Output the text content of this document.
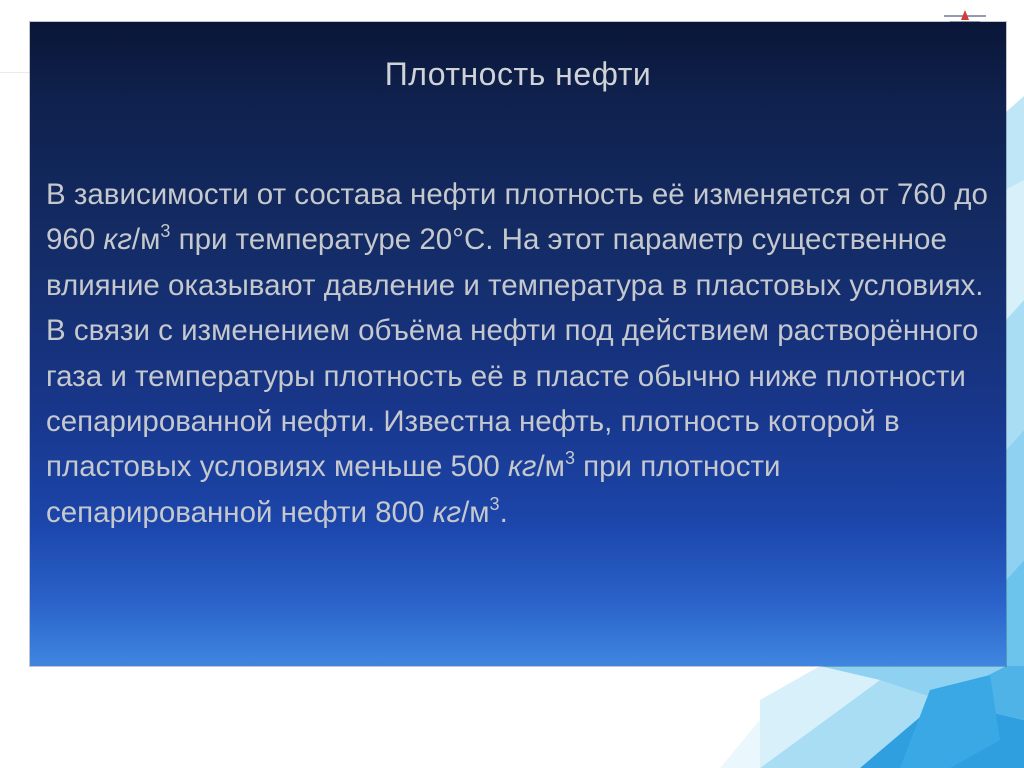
Плотность нефти

В зависимости от состава нефти плотность её изменяется от 760 до 960 $кг/м^3$ при температуре 20°С. На этот параметр существенное влияние оказывают давление и температура в пластовых условиях.

В связи с изменением объёма нефти под действием растворённого газа и температуры плотность её в пласте обычно ниже плотности сепарированной нефти. Известна нефть, плотность которой в пластовых условиях меньше 500 $кг/м^3$ при плотности сепарированной нефти 800 $кг/м^3$.
